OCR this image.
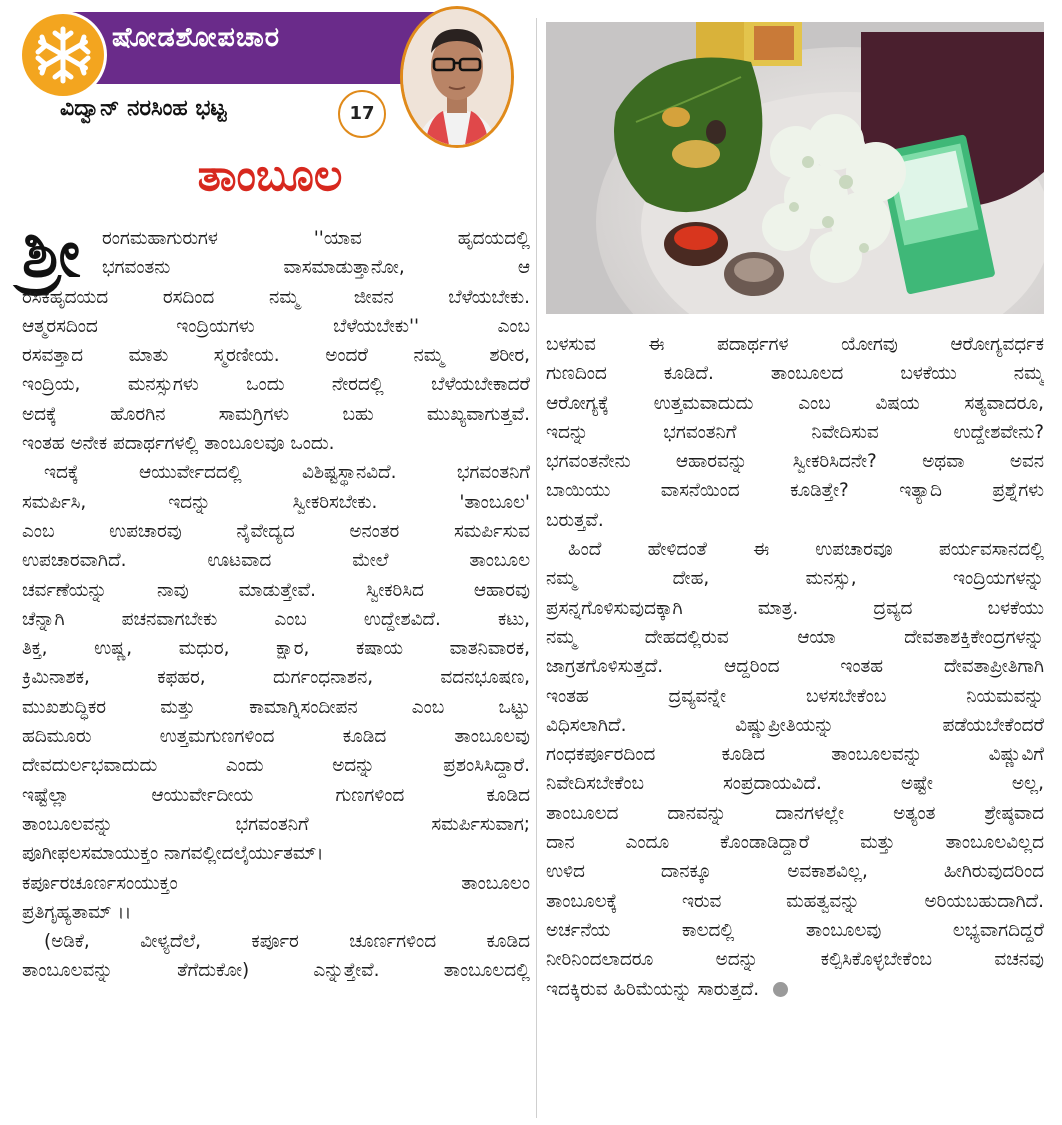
ಷೋಡಶೋಪಚಾರ
ವಿದ್ವಾನ್ ನರಸಿಂಹ ಭಟ್ಟ	17
ತಾಂಬೂಲ
ಶ್ರೀ	ರಂಗಮಹಾಗುರುಗಳ ''ಯಾವ ಹೃದಯದಲ್ಲಿ
ಭಗವಂತನು ವಾಸಮಾಡುತ್ತಾನೋ, ಆ
ರಸಿಕಹೃದಯದ ರಸದಿಂದ ನಮ್ಮ ಜೀವನ ಬೆಳೆಯಬೇಕು.
ಆತ್ಮರಸದಿಂದ ಇಂದ್ರಿಯಗಳು ಬೆಳೆಯಬೇಕು'' ಎಂಬ
ರಸವತ್ತಾದ ಮಾತು ಸ್ಮರಣೀಯ. ಅಂದರೆ ನಮ್ಮ ಶರೀರ,
ಇಂದ್ರಿಯ, ಮನಸ್ಸುಗಳು ಒಂದು ನೇರದಲ್ಲಿ ಬೆಳೆಯಬೇಕಾದರೆ
ಅದಕ್ಕೆ ಹೊರಗಿನ ಸಾಮಗ್ರಿಗಳು ಬಹು ಮುಖ್ಯವಾಗುತ್ತವೆ.
ಇಂತಹ ಅನೇಕ ಪದಾರ್ಥಗಳಲ್ಲಿ ತಾಂಬೂಲವೂ ಒಂದು.

ಇದಕ್ಕೆ ಆಯುರ್ವೇದದಲ್ಲಿ ವಿಶಿಷ್ಟಸ್ಥಾನವಿದೆ. ಭಗವಂತನಿಗೆ
ಸಮರ್ಪಿಸಿ, ಇದನ್ನು ಸ್ವೀಕರಿಸಬೇಕು. 'ತಾಂಬೂಲ'
ಎಂಬ ಉಪಚಾರವು ನೈವೇದ್ಯದ ಅನಂತರ ಸಮರ್ಪಿಸುವ
ಉಪಚಾರವಾಗಿದೆ. ಊಟವಾದ ಮೇಲೆ ತಾಂಬೂಲ
ಚರ್ವಣೆಯನ್ನು ನಾವು ಮಾಡುತ್ತೇವೆ. ಸ್ವೀಕರಿಸಿದ ಆಹಾರವು
ಚೆನ್ನಾಗಿ ಪಚನವಾಗಬೇಕು ಎಂಬ ಉದ್ದೇಶವಿದೆ. ಕಟು,
ತಿಕ್ತ, ಉಷ್ಣ, ಮಧುರ, ಕ್ಷಾರ, ಕಷಾಯ ವಾತನಿವಾರಕ,
ಕ್ರಿಮಿನಾಶಕ, ಕಫಹರ, ದುರ್ಗಂಧನಾಶನ, ವದನಭೂಷಣ,
ಮುಖಶುದ್ಧಿಕರ ಮತ್ತು ಕಾಮಾಗ್ನಿಸಂದೀಪನ ಎಂಬ ಒಟ್ಟು
ಹದಿಮೂರು ಉತ್ತಮಗುಣಗಳಿಂದ ಕೂಡಿದ ತಾಂಬೂಲವು
ದೇವದುರ್ಲಭವಾದುದು ಎಂದು ಅದನ್ನು ಪ್ರಶಂಸಿಸಿದ್ದಾರೆ.
ಇಷ್ಟೆಲ್ಲಾ ಆಯುರ್ವೇದೀಯ ಗುಣಗಳಿಂದ ಕೂಡಿದ
ತಾಂಬೂಲವನ್ನು ಭಗವಂತನಿಗೆ ಸಮರ್ಪಿಸುವಾಗ;
ಪೂಗೀಫಲಸಮಾಯುಕ್ತಂ ನಾಗವಲ್ಲೀದಲೈರ್ಯುತಮ್।
ಕರ್ಪೂರಚೂರ್ಣಸಂಯುಕ್ತಂ ತಾಂಬೂಲಂ
ಪ್ರತಿಗೃಹ್ಯತಾಮ್ ।।

(ಅಡಿಕೆ, ವೀಳ್ಯದೆಲೆ, ಕರ್ಪೂರ ಚೂರ್ಣಗಳಿಂದ ಕೂಡಿದ
ತಾಂಬೂಲವನ್ನು ತೆಗೆದುಕೋ) ಎನ್ನುತ್ತೇವೆ. ತಾಂಬೂಲದಲ್ಲಿ

ಬಳಸುವ ಈ ಪದಾರ್ಥಗಳ ಯೋಗವು ಆರೋಗ್ಯವರ್ಧಕ
ಗುಣದಿಂದ ಕೂಡಿದೆ. ತಾಂಬೂಲದ ಬಳಕೆಯು ನಮ್ಮ
ಆರೋಗ್ಯಕ್ಕೆ ಉತ್ತಮವಾದುದು ಎಂಬ ವಿಷಯ ಸತ್ಯವಾದರೂ,
ಇದನ್ನು ಭಗವಂತನಿಗೆ ನಿವೇದಿಸುವ ಉದ್ದೇಶವೇನು?
ಭಗವಂತನೇನು ಆಹಾರವನ್ನು ಸ್ವೀಕರಿಸಿದನೇ? ಅಥವಾ ಅವನ
ಬಾಯಿಯು ವಾಸನೆಯಿಂದ ಕೂಡಿತ್ತೇ? ಇತ್ಯಾದಿ ಪ್ರಶ್ನೆಗಳು
ಬರುತ್ತವೆ.

ಹಿಂದೆ ಹೇಳಿದಂತೆ ಈ ಉಪಚಾರವೂ ಪರ್ಯವಸಾನದಲ್ಲಿ
ನಮ್ಮ ದೇಹ, ಮನಸ್ಸು, ಇಂದ್ರಿಯಗಳನ್ನು
ಪ್ರಸನ್ನಗೊಳಿಸುವುದಕ್ಕಾಗಿ ಮಾತ್ರ. ದ್ರವ್ಯದ ಬಳಕೆಯು
ನಮ್ಮ ದೇಹದಲ್ಲಿರುವ ಆಯಾ ದೇವತಾಶಕ್ತಿಕೇಂದ್ರಗಳನ್ನು
ಜಾಗ್ರತಗೊಳಿಸುತ್ತದೆ. ಆದ್ದರಿಂದ ಇಂತಹ ದೇವತಾಪ್ರೀತಿಗಾಗಿ
ಇಂತಹ ದ್ರವ್ಯವನ್ನೇ ಬಳಸಬೇಕೆಂಬ ನಿಯಮವನ್ನು
ವಿಧಿಸಲಾಗಿದೆ. ವಿಷ್ಣುಪ್ರೀತಿಯನ್ನು ಪಡೆಯಬೇಕೆಂದರೆ
ಗಂಧಕರ್ಪೂರದಿಂದ ಕೂಡಿದ ತಾಂಬೂಲವನ್ನು ವಿಷ್ಣುವಿಗೆ
ನಿವೇದಿಸಬೇಕೆಂಬ ಸಂಪ್ರದಾಯವಿದೆ. ಅಷ್ಟೇ ಅಲ್ಲ,
ತಾಂಬೂಲದ ದಾನವನ್ನು ದಾನಗಳಲ್ಲೇ ಅತ್ಯಂತ ಶ್ರೇಷ್ಠವಾದ
ದಾನ ಎಂದೂ ಕೊಂಡಾಡಿದ್ದಾರೆ ಮತ್ತು ತಾಂಬೂಲವಿಲ್ಲದ
ಉಳಿದ ದಾನಕ್ಕೂ ಅವಕಾಶವಿಲ್ಲ, ಹೀಗಿರುವುದರಿಂದ
ತಾಂಬೂಲಕ್ಕೆ ಇರುವ ಮಹತ್ವವನ್ನು ಅರಿಯಬಹುದಾಗಿದೆ.
ಅರ್ಚನೆಯ ಕಾಲದಲ್ಲಿ ತಾಂಬೂಲವು ಲಭ್ಯವಾಗದಿದ್ದರೆ
ನೀರಿನಿಂದಲಾದರೂ ಅದನ್ನು ಕಲ್ಪಿಸಿಕೊಳ್ಳಬೇಕೆಂಬ ವಚನವು
ಇದಕ್ಕಿರುವ ಹಿರಿಮೆಯನ್ನು ಸಾರುತ್ತದೆ.
